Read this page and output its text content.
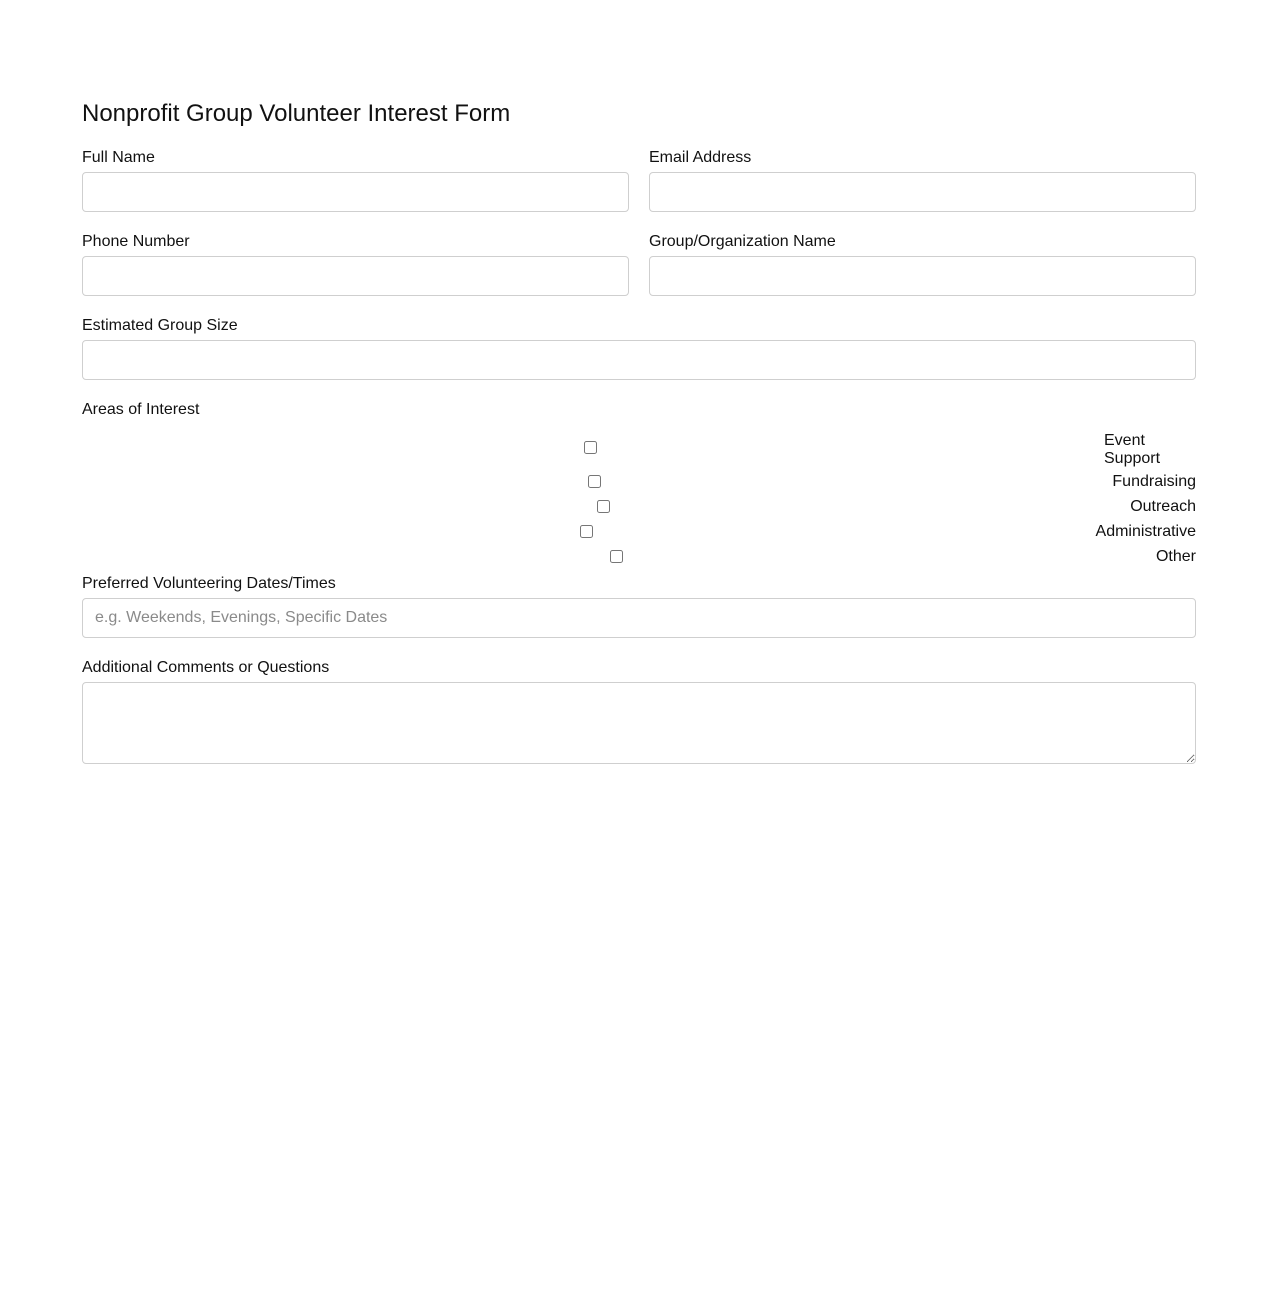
Nonprofit Group Volunteer Interest Form
Full Name	Email Address
Phone Number	Group/Organization Name
Estimated Group Size
Areas of Interest
Event Support
Fundraising
Outreach
Administrative
Other
Preferred Volunteering Dates/Times
e.g. Weekends, Evenings, Specific Dates
Additional Comments or Questions
